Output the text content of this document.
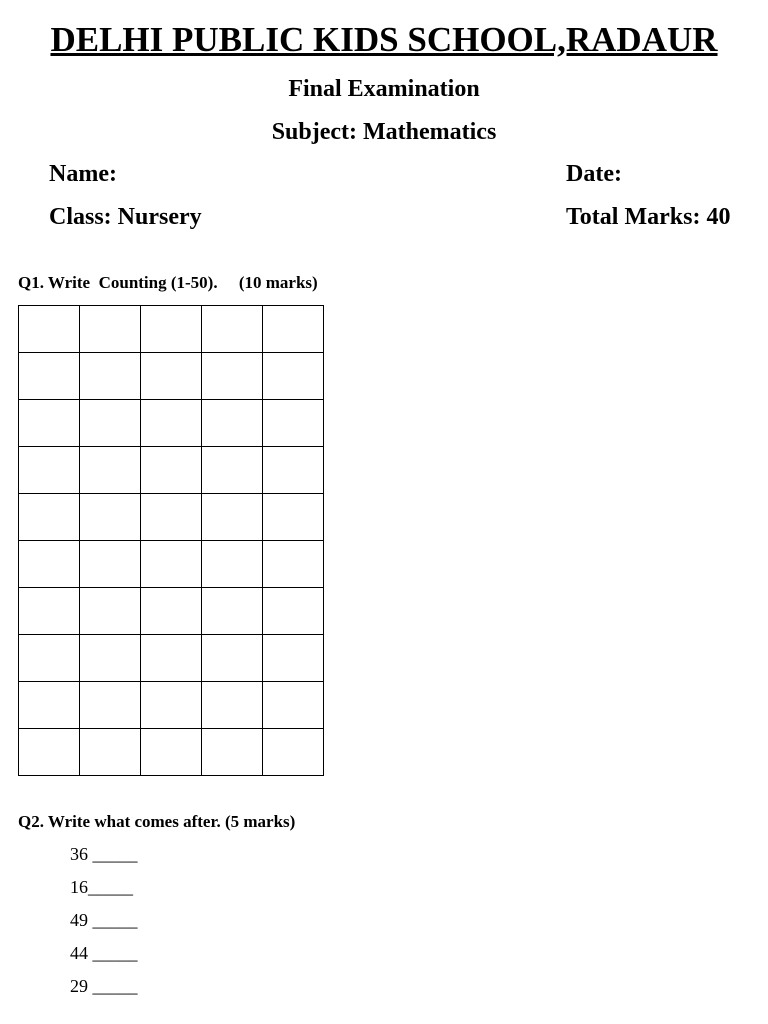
DELHI PUBLIC KIDS SCHOOL,RADAUR
Final Examination
Subject: Mathematics
Name:	Date:
Class: Nursery	Total Marks: 40
Q1. Write  Counting (1-50).     (10 marks)

Q2. Write what comes after. (5 marks)
36 _____
16_____
49 _____
44 _____
29 _____
